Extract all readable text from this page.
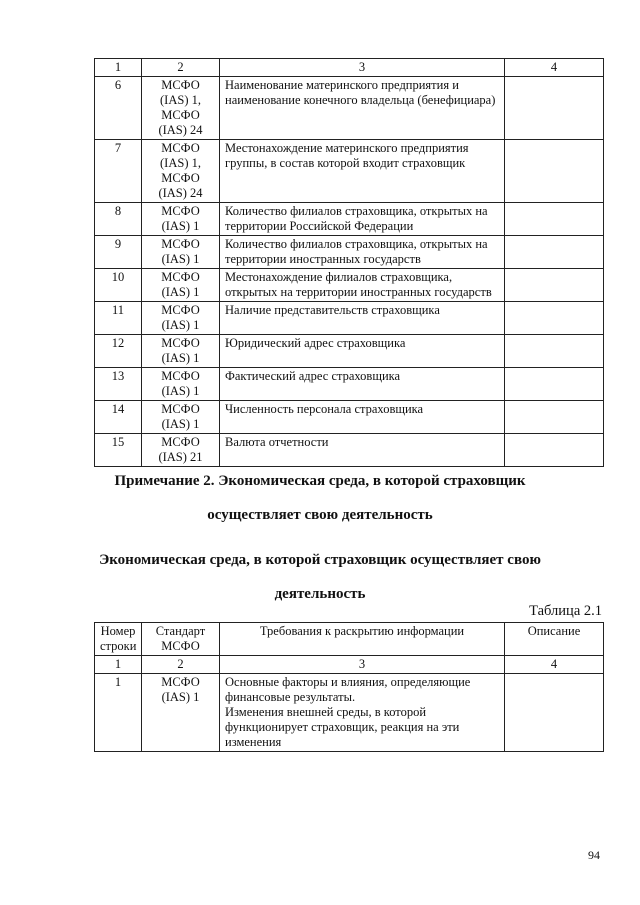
1	2	3	4
6	МСФО
(IAS) 1,
МСФО
(IAS) 24	Наименование материнского предприятия и наименование конечного владельца (бенефициара)	
7	МСФО
(IAS) 1,
МСФО
(IAS) 24	Местонахождение материнского предприятия группы, в состав которой входит страховщик	
8	МСФО
(IAS) 1	Количество филиалов страховщика, открытых на территории Российской Федерации	
9	МСФО
(IAS) 1	Количество филиалов страховщика, открытых на территории иностранных государств	
10	МСФО
(IAS) 1	Местонахождение филиалов страховщика, открытых на территории иностранных государств	
11	МСФО
(IAS) 1	Наличие представительств страховщика	
12	МСФО
(IAS) 1	Юридический адрес страховщика	
13	МСФО
(IAS) 1	Фактический адрес страховщика	
14	МСФО
(IAS) 1	Численность персонала страховщика	
15	МСФО
(IAS) 21	Валюта отчетности	
Примечание 2. Экономическая среда, в которой страховщик
осуществляет свою деятельность
Экономическая среда, в которой страховщик осуществляет свою
деятельность
Таблица 2.1
Номер строки	Стандарт МСФО	Требования к раскрытию информации	Описание
1	2	3	4
1	МСФО
(IAS) 1	Основные факторы и влияния, определяющие финансовые результаты.
Изменения внешней среды, в которой функционирует страховщик, реакция на эти изменения	
94
